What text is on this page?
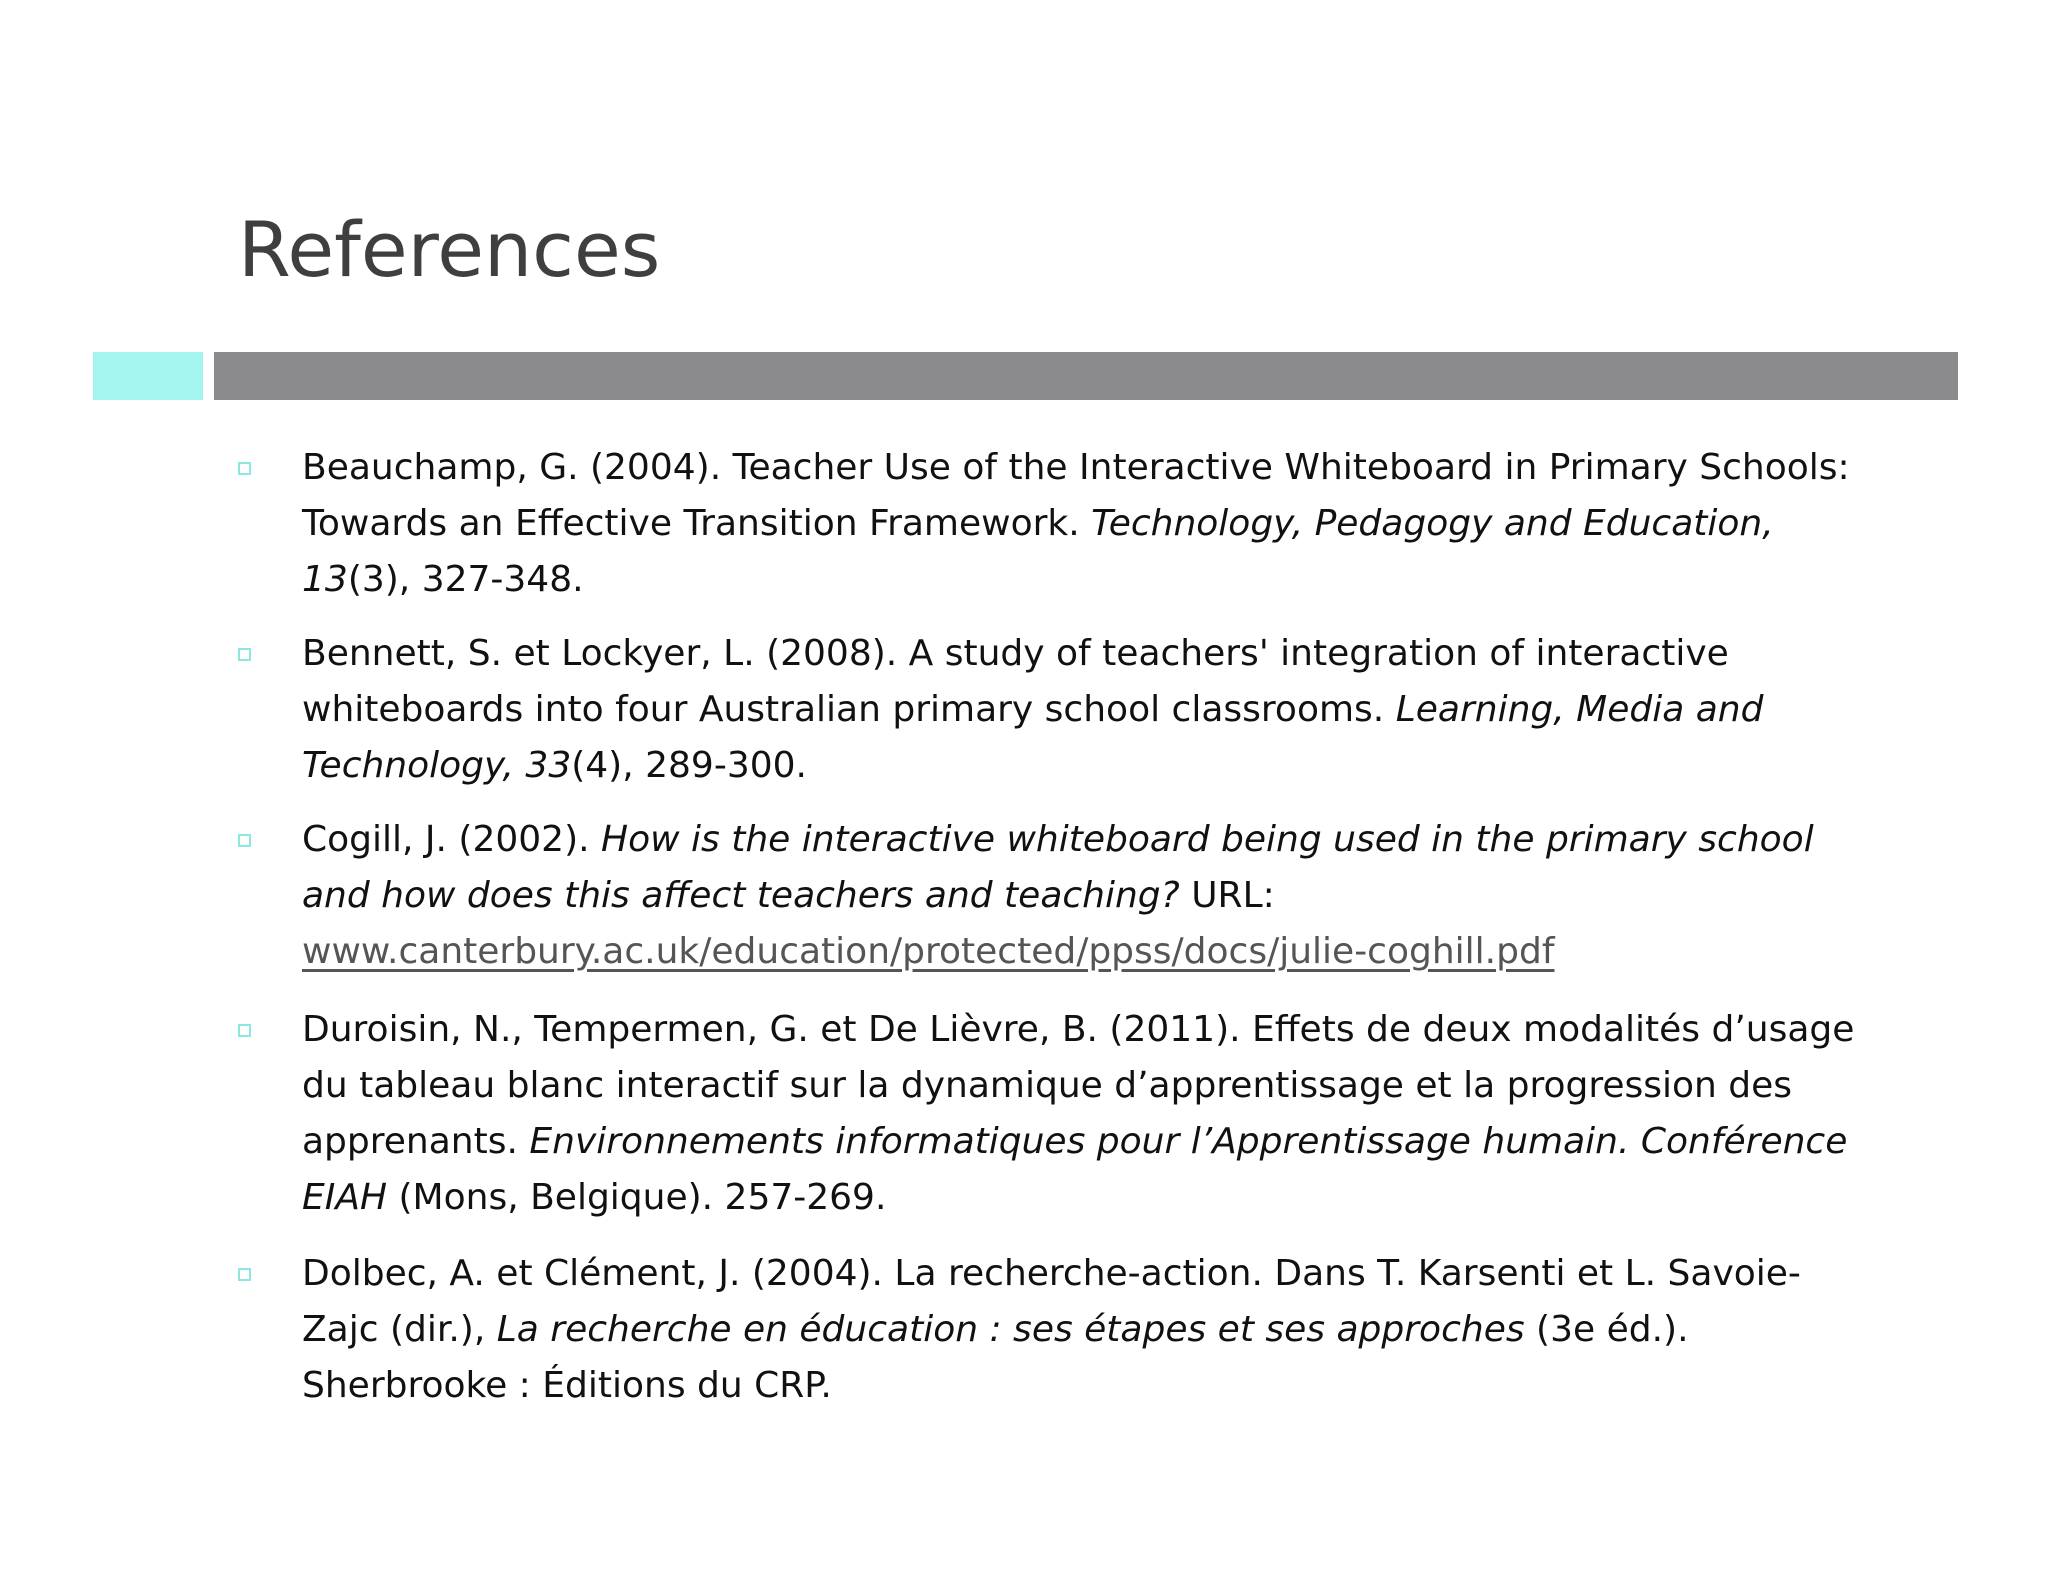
References
Beauchamp, G. (2004). Teacher Use of the Interactive Whiteboard in Primary Schools: Towards an Effective Transition Framework. Technology, Pedagogy and Education, 13(3), 327-348.
Bennett, S. et Lockyer, L. (2008). A study of teachers' integration of interactive whiteboards into four Australian primary school classrooms. Learning, Media and Technology, 33(4), 289-300.
Cogill, J. (2002). How is the interactive whiteboard being used in the primary school and how does this affect teachers and teaching? URL: www.canterbury.ac.uk/education/protected/ppss/docs/julie-coghill.pdf
Duroisin, N., Tempermen, G. et De Lièvre, B. (2011). Effets de deux modalités d’usage du tableau blanc interactif sur la dynamique d’apprentissage et la progression des apprenants. Environnements informatiques pour l’Apprentissage humain. Conférence EIAH (Mons, Belgique). 257-269.
Dolbec, A. et Clément, J. (2004). La recherche-action. Dans T. Karsenti et L. Savoie-Zajc (dir.), La recherche en éducation : ses étapes et ses approches (3e éd.). Sherbrooke : Éditions du CRP.
